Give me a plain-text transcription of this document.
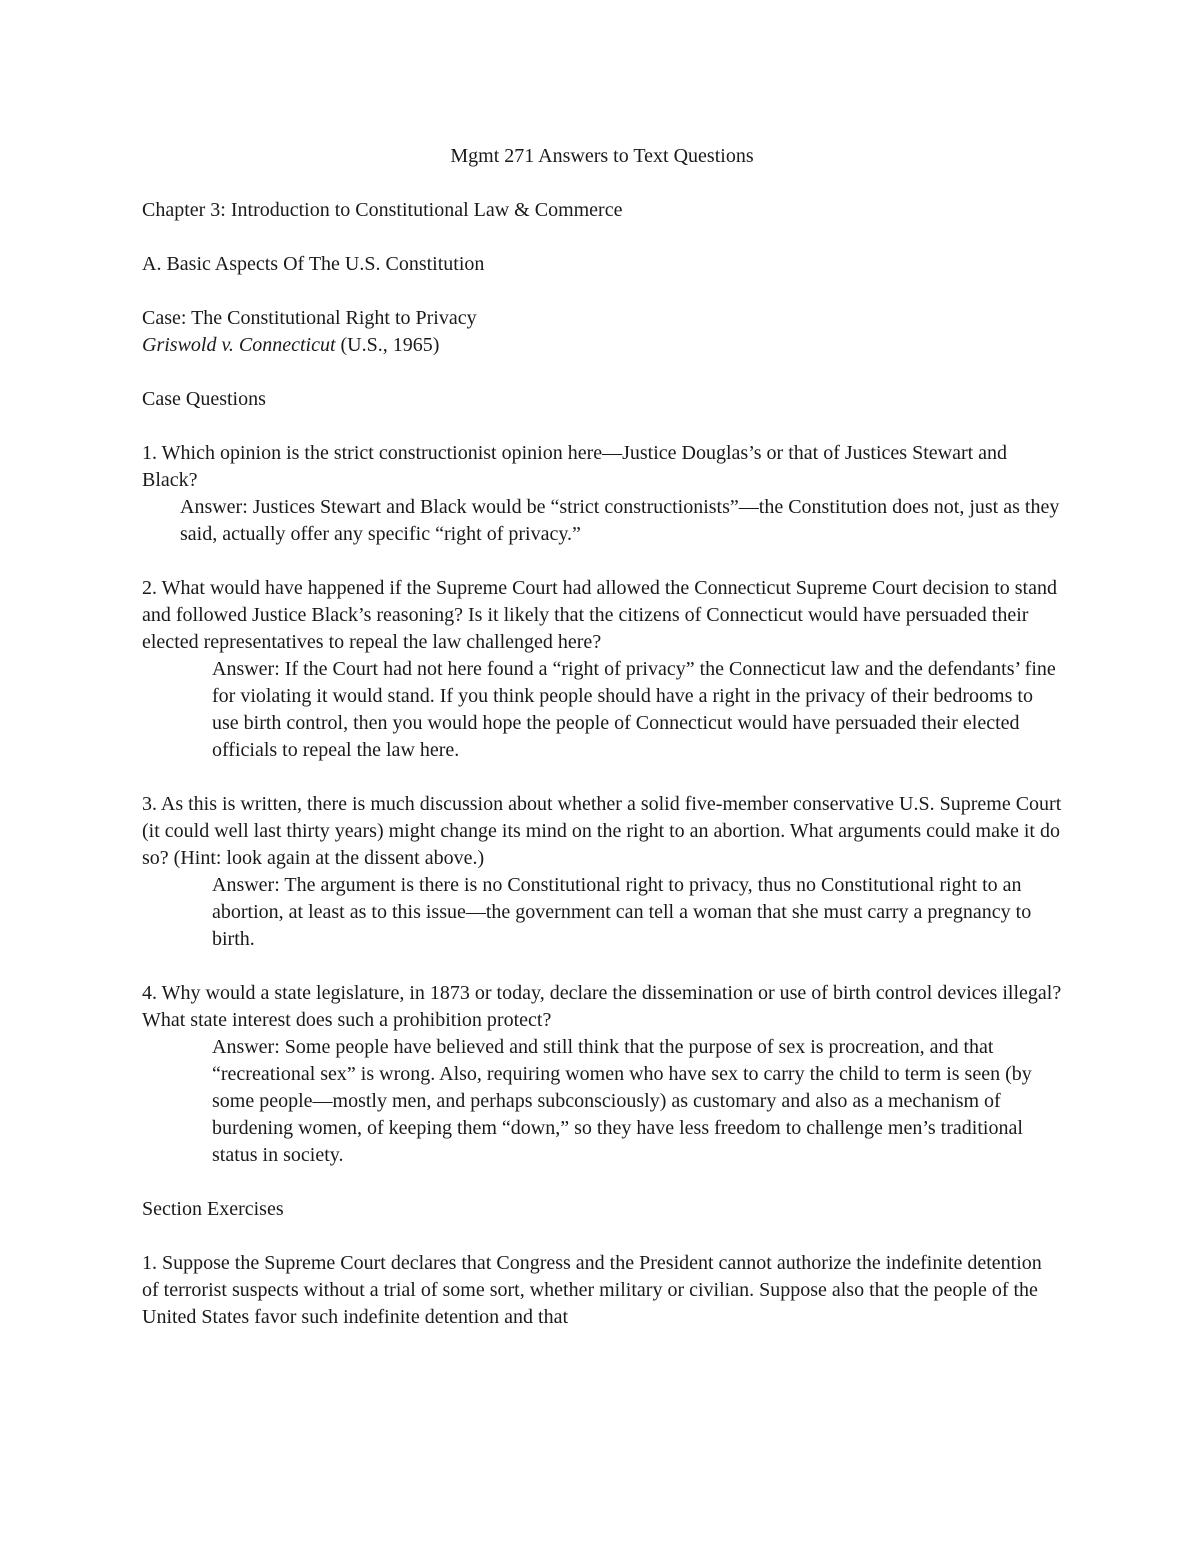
Mgmt 271 Answers to Text Questions

Chapter 3: Introduction to Constitutional Law & Commerce

A. Basic Aspects Of The U.S. Constitution

Case: The Constitutional Right to Privacy
Griswold v. Connecticut (U.S., 1965)

Case Questions

1. Which opinion is the strict constructionist opinion here—Justice Douglas’s or that of Justices Stewart and Black?
Answer: Justices Stewart and Black would be “strict constructionists”—the Constitution does not, just as they said, actually offer any specific “right of privacy.”
2. What would have happened if the Supreme Court had allowed the Connecticut Supreme Court decision to stand and followed Justice Black’s reasoning? Is it likely that the citizens of Connecticut would have persuaded their elected representatives to repeal the law challenged here?
Answer: If the Court had not here found a “right of privacy” the Connecticut law and the defendants’ fine for violating it would stand. If you think people should have a right in the privacy of their bedrooms to use birth control, then you would hope the people of Connecticut would have persuaded their elected officials to repeal the law here.
3. As this is written, there is much discussion about whether a solid five-member conservative U.S. Supreme Court (it could well last thirty years) might change its mind on the right to an abortion. What arguments could make it do so? (Hint: look again at the dissent above.)
Answer: The argument is there is no Constitutional right to privacy, thus no Constitutional right to an abortion, at least as to this issue—the government can tell a woman that she must carry a pregnancy to birth.
4. Why would a state legislature, in 1873 or today, declare the dissemination or use of birth control devices illegal? What state interest does such a prohibition protect?
Answer: Some people have believed and still think that the purpose of sex is procreation, and that “recreational sex” is wrong. Also, requiring women who have sex to carry the child to term is seen (by some people—mostly men, and perhaps subconsciously) as customary and also as a mechanism of burdening women, of keeping them “down,” so they have less freedom to challenge men’s traditional status in society.

Section Exercises

1. Suppose the Supreme Court declares that Congress and the President cannot authorize the indefinite detention of terrorist suspects without a trial of some sort, whether military or civilian. Suppose also that the people of the United States favor such indefinite detention and that
